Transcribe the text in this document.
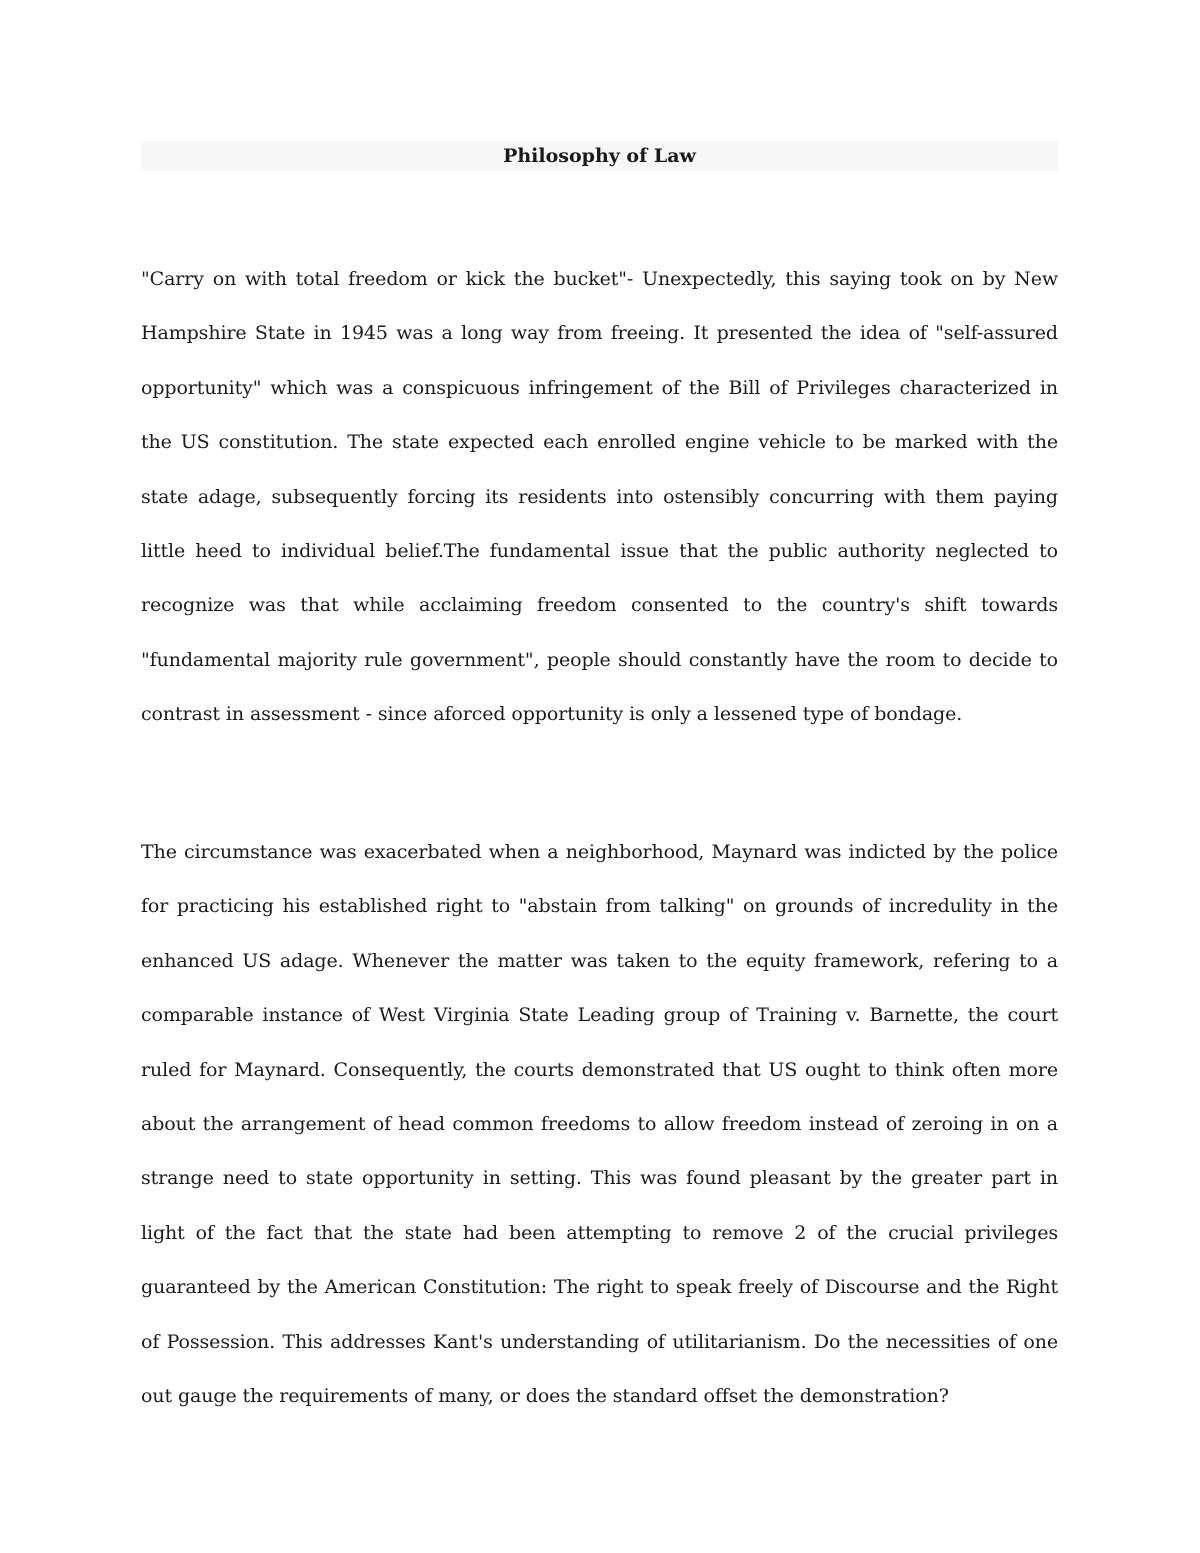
Philosophy of Law

"Carry on with total freedom or kick the bucket"- Unexpectedly, this saying took on by New Hampshire State in 1945 was a long way from freeing. It presented the idea of "self-assured opportunity" which was a conspicuous infringement of the Bill of Privileges characterized in the US constitution. The state expected each enrolled engine vehicle to be marked with the state adage, subsequently forcing its residents into ostensibly concurring with them paying little heed to individual belief.The fundamental issue that the public authority neglected to recognize was that while acclaiming freedom consented to the country's shift towards "fundamental majority rule government", people should constantly have the room to decide to contrast in assessment - since aforced opportunity is only a lessened type of bondage.

The circumstance was exacerbated when a neighborhood, Maynard was indicted by the police for practicing his established right to "abstain from talking" on grounds of incredulity in the enhanced US adage. Whenever the matter was taken to the equity framework, refering to a comparable instance of West Virginia State Leading group of Training v. Barnette, the court ruled for Maynard. Consequently, the courts demonstrated that US ought to think often more about the arrangement of head common freedoms to allow freedom instead of zeroing in on a strange need to state opportunity in setting. This was found pleasant by the greater part in light of the fact that the state had been attempting to remove 2 of the crucial privileges guaranteed by the American Constitution: The right to speak freely of Discourse and the Right of Possession. This addresses Kant's understanding of utilitarianism. Do the necessities of one out gauge the requirements of many, or does the standard offset the demonstration?
